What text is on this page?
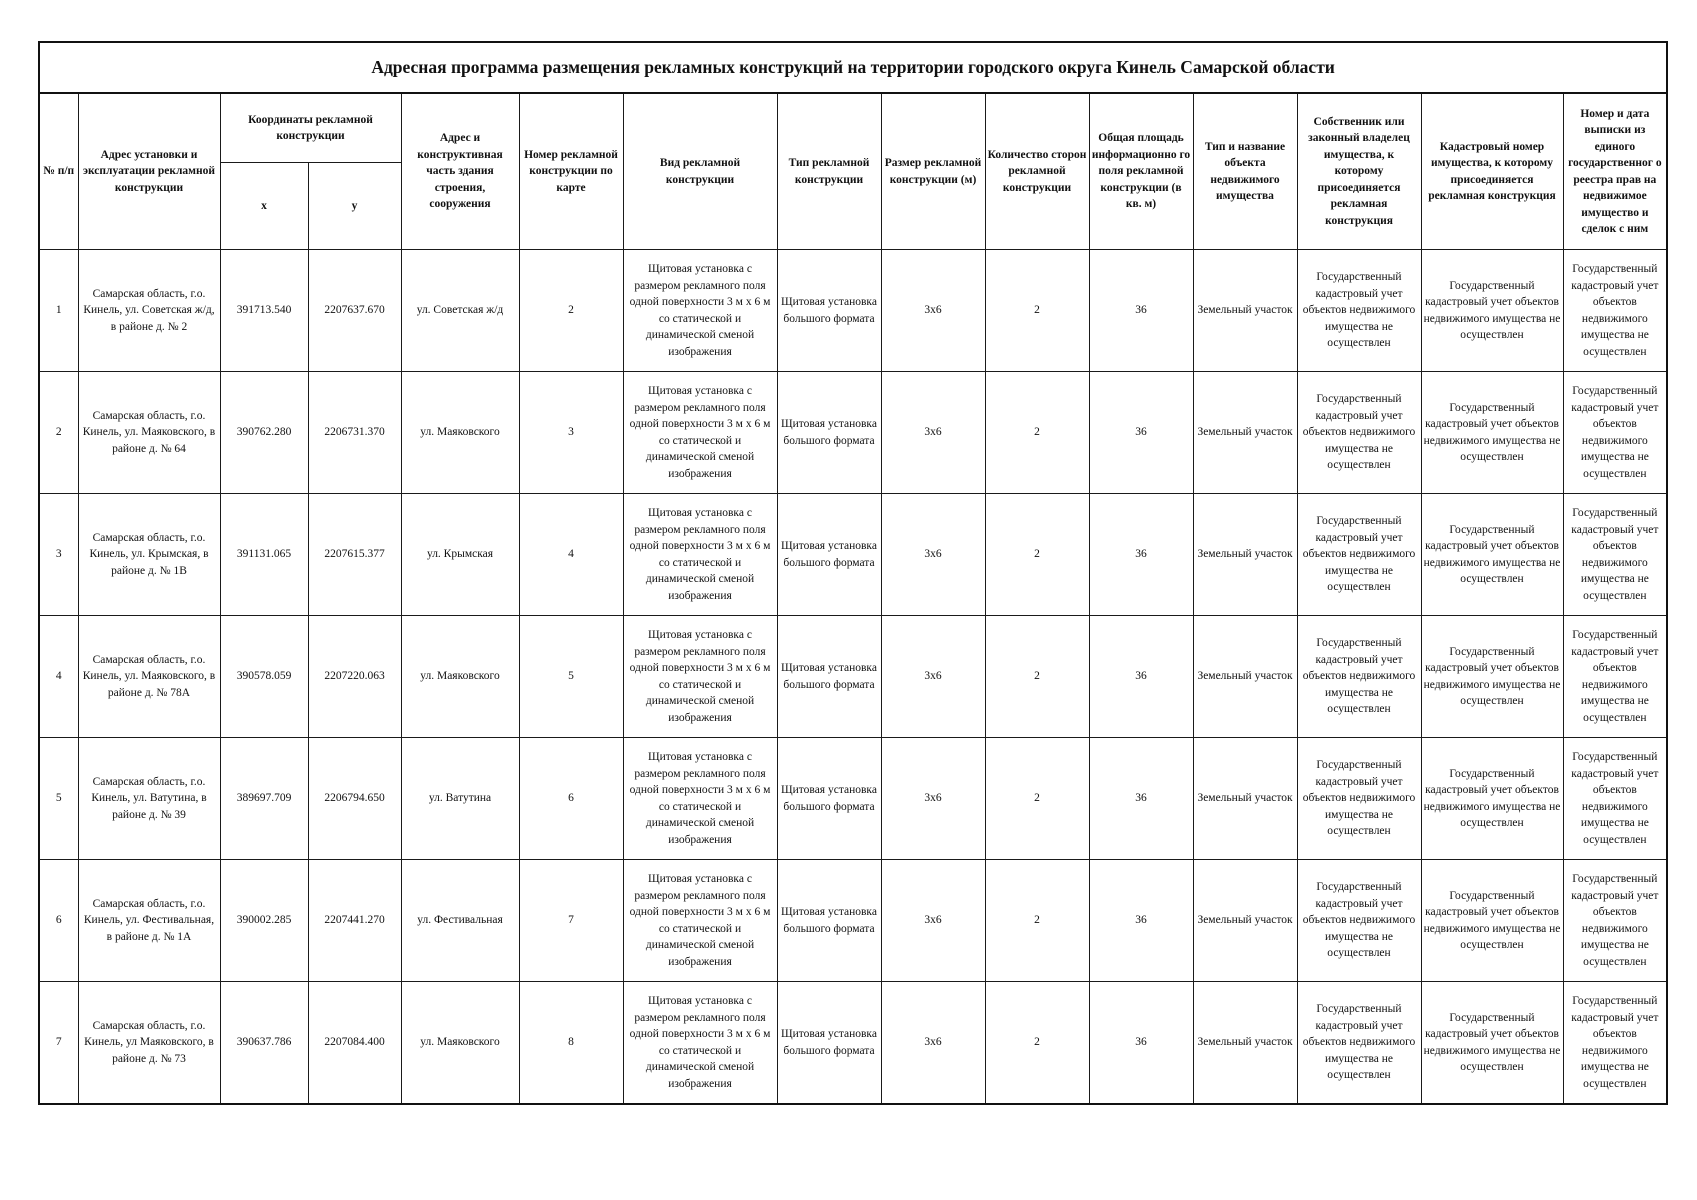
Адресная программа размещения рекламных конструкций на территории городского округа Кинель Самарской области														
№ п/п	Адрес установки и эксплуатации рекламной конструкции	Координаты рекламной конструкции		Адрес и конструктивная часть здания строения, сооружения	Номер рекламной конструкции по карте	Вид рекламной конструкции	Тип рекламной конструкции	Размер рекламной конструкции (м)	Количество сторон рекламной конструкции	Общая площадь информационно го поля рекламной конструкции (в кв. м)	Тип и название объекта недвижимого имущества	Собственник или законный владелец имущества, к которому присоединяется рекламная конструкция	Кадастровый номер имущества, к которому присоединяется рекламная конструкция	Номер и дата выписки из единого государственног о реестра прав на недвижимое имущество и сделок с ним
		x	y											
1	Самарская область, г.о. Кинель, ул. Советская ж/д, в районе д. № 2	391713.540	2207637.670	ул. Советская ж/д	2	Щитовая установка с размером рекламного поля одной поверхности 3 м х 6 м со статической и динамической сменой изображения	Щитовая установка большого формата	3х6	2	36	Земельный участок	Государственный кадастровый учет объектов недвижимого имущества не осуществлен	Государственный кадастровый учет объектов недвижимого имущества не осуществлен	Государственный кадастровый учет объектов недвижимого имущества не осуществлен
2	Самарская область, г.о. Кинель, ул. Маяковского, в районе д. № 64	390762.280	2206731.370	ул. Маяковского	3	Щитовая установка с размером рекламного поля одной поверхности 3 м х 6 м со статической и динамической сменой изображения	Щитовая установка большого формата	3х6	2	36	Земельный участок	Государственный кадастровый учет объектов недвижимого имущества не осуществлен	Государственный кадастровый учет объектов недвижимого имущества не осуществлен	Государственный кадастровый учет объектов недвижимого имущества не осуществлен
3	Самарская область, г.о. Кинель, ул. Крымская, в районе д. № 1В	391131.065	2207615.377	ул. Крымская	4	Щитовая установка с размером рекламного поля одной поверхности 3 м х 6 м со статической и динамической сменой изображения	Щитовая установка большого формата	3х6	2	36	Земельный участок	Государственный кадастровый учет объектов недвижимого имущества не осуществлен	Государственный кадастровый учет объектов недвижимого имущества не осуществлен	Государственный кадастровый учет объектов недвижимого имущества не осуществлен
4	Самарская область, г.о. Кинель, ул. Маяковского, в районе д. № 78А	390578.059	2207220.063	ул. Маяковского	5	Щитовая установка с размером рекламного поля одной поверхности 3 м х 6 м со статической и динамической сменой изображения	Щитовая установка большого формата	3х6	2	36	Земельный участок	Государственный кадастровый учет объектов недвижимого имущества не осуществлен	Государственный кадастровый учет объектов недвижимого имущества не осуществлен	Государственный кадастровый учет объектов недвижимого имущества не осуществлен
5	Самарская область, г.о. Кинель, ул. Ватутина, в районе д. № 39	389697.709	2206794.650	ул. Ватутина	6	Щитовая установка с размером рекламного поля одной поверхности 3 м х 6 м со статической и динамической сменой изображения	Щитовая установка большого формата	3х6	2	36	Земельный участок	Государственный кадастровый учет объектов недвижимого имущества не осуществлен	Государственный кадастровый учет объектов недвижимого имущества не осуществлен	Государственный кадастровый учет объектов недвижимого имущества не осуществлен
6	Самарская область, г.о. Кинель, ул. Фестивальная, в районе д. № 1А	390002.285	2207441.270	ул. Фестивальная	7	Щитовая установка с размером рекламного поля одной поверхности 3 м х 6 м со статической и динамической сменой изображения	Щитовая установка большого формата	3х6	2	36	Земельный участок	Государственный кадастровый учет объектов недвижимого имущества не осуществлен	Государственный кадастровый учет объектов недвижимого имущества не осуществлен	Государственный кадастровый учет объектов недвижимого имущества не осуществлен
7	Самарская область, г.о. Кинель, ул Маяковского, в районе д. № 73	390637.786	2207084.400	ул. Маяковского	8	Щитовая установка с размером рекламного поля одной поверхности 3 м х 6 м со статической и динамической сменой изображения	Щитовая установка большого формата	3х6	2	36	Земельный участок	Государственный кадастровый учет объектов недвижимого имущества не осуществлен	Государственный кадастровый учет объектов недвижимого имущества не осуществлен	Государственный кадастровый учет объектов недвижимого имущества не осуществлен
